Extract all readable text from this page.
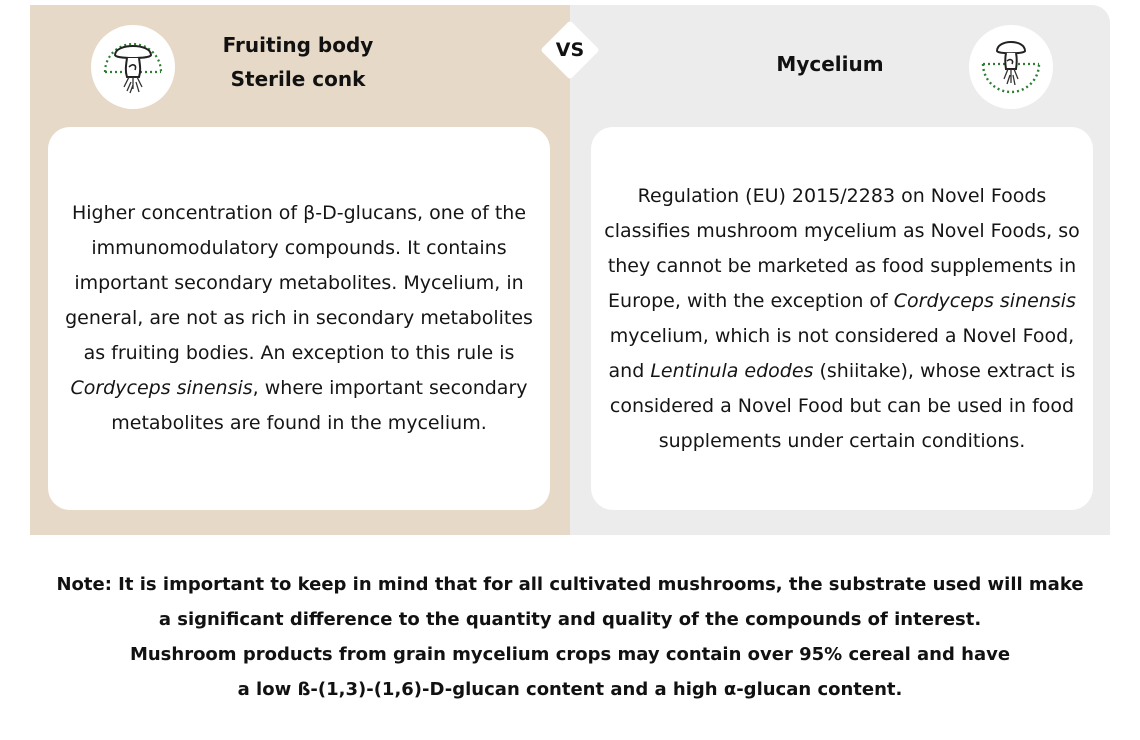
Fruiting body
Sterile conk
VS
Mycelium

Higher concentration of β-D-glucans, one of the immunomodulatory compounds. It contains important secondary metabolites. Mycelium, in general, are not as rich in secondary metabolites as fruiting bodies. An exception to this rule is Cordyceps sinensis, where important secondary metabolites are found in the mycelium.

Regulation (EU) 2015/2283 on Novel Foods classifies mushroom mycelium as Novel Foods, so they cannot be marketed as food supplements in Europe, with the exception of Cordyceps sinensis mycelium, which is not considered a Novel Food, and Lentinula edodes (shiitake), whose extract is considered a Novel Food but can be used in food supplements under certain conditions.

Note: It is important to keep in mind that for all cultivated mushrooms, the substrate used will make
a significant difference to the quantity and quality of the compounds of interest.
Mushroom products from grain mycelium crops may contain over 95% cereal and have
a low ß-(1,3)-(1,6)-D-glucan content and a high α-glucan content.
